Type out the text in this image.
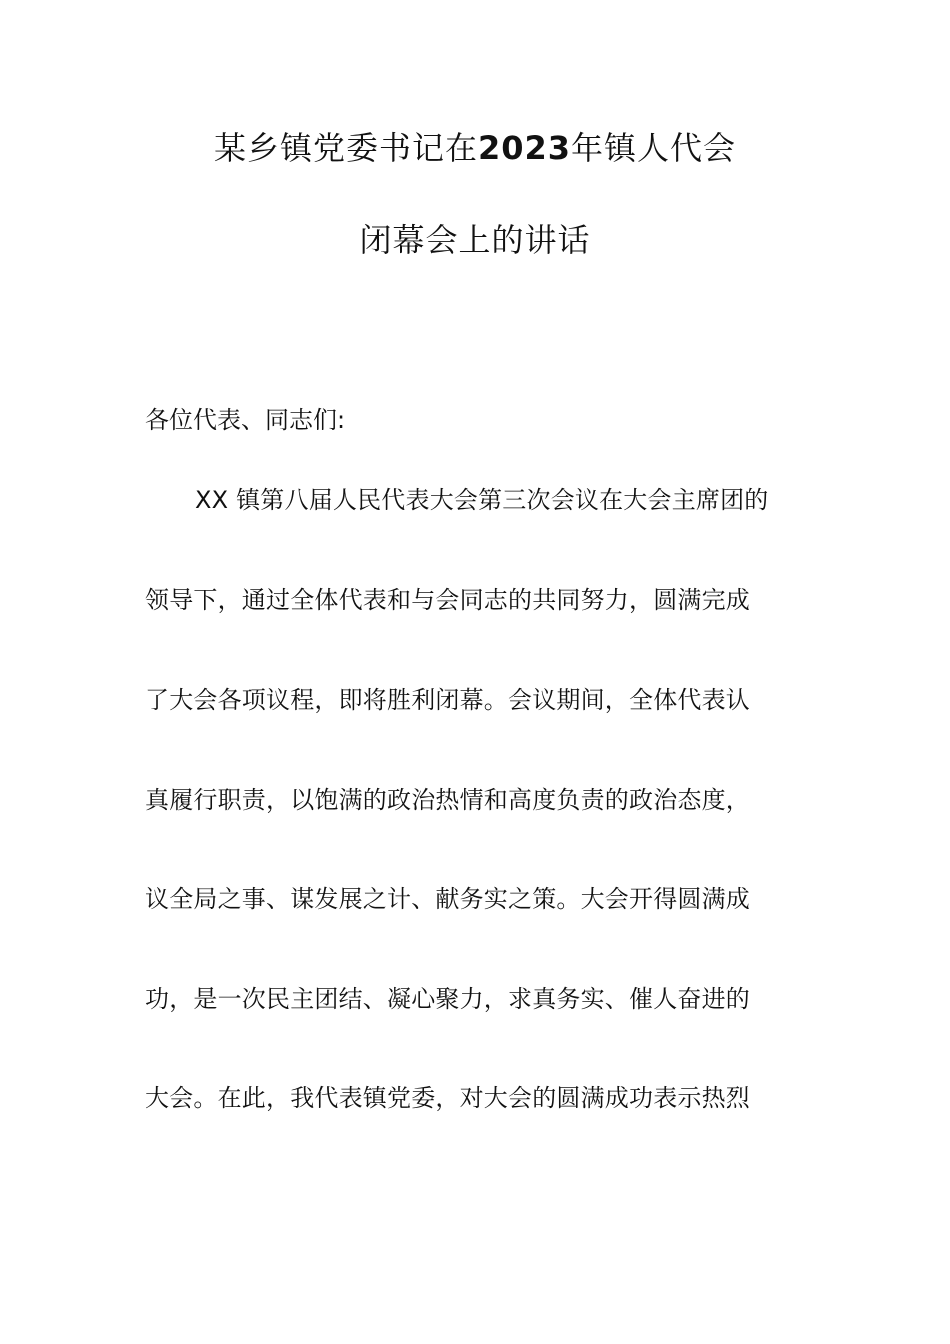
某乡镇党委书记在2023年镇人代会
闭幕会上的讲话
各位代表、同志们:
XX 镇第八届人民代表大会第三次会议在大会主席团的
领导下，通过全体代表和与会同志的共同努力，圆满完成
了大会各项议程，即将胜利闭幕。会议期间，全体代表认
真履行职责，以饱满的政治热情和高度负责的政治态度，
议全局之事、谋发展之计、献务实之策。大会开得圆满成
功，是一次民主团结、凝心聚力，求真务实、催人奋进的
大会。在此，我代表镇党委，对大会的圆满成功表示热烈
